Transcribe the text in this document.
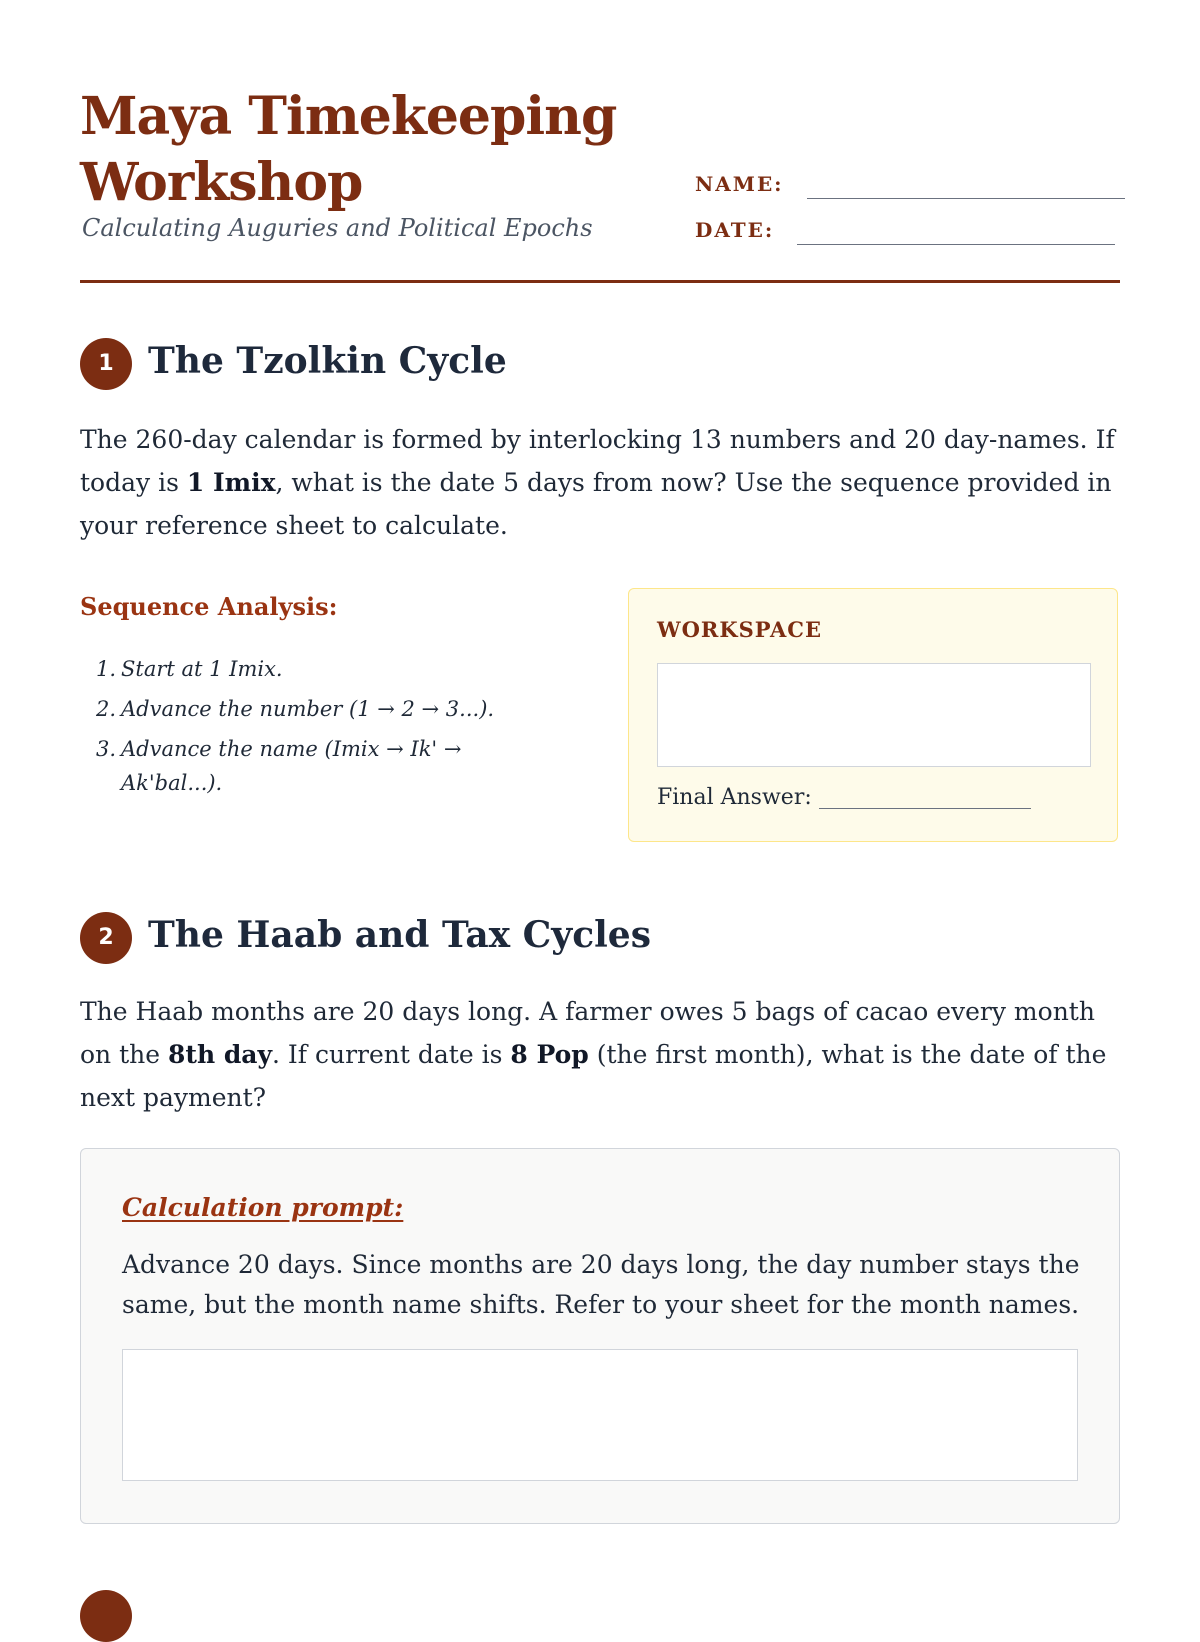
Maya Timekeeping
Workshop

Calculating Auguries and Political Epochs

NAME:
DATE:
1 The Tzolkin Cycle

The 260-day calendar is formed by interlocking 13 numbers and 20 day-names. If today is 1 Imix, what is the date 5 days from now? Use the sequence provided in your reference sheet to calculate.

Sequence Analysis:
1. Start at 1 Imix.
2. Advance the number (1 → 2 → 3...).
3. Advance the name (Imix → Ik' → Ak'bal...).
WORKSPACE
Final Answer:
2 The Haab and Tax Cycles

The Haab months are 20 days long. A farmer owes 5 bags of cacao every month on the 8th day. If current date is 8 Pop (the first month), what is the date of the next payment?

Calculation prompt:

Advance 20 days. Since months are 20 days long, the day number stays the same, but the month name shifts. Refer to your sheet for the month names.
